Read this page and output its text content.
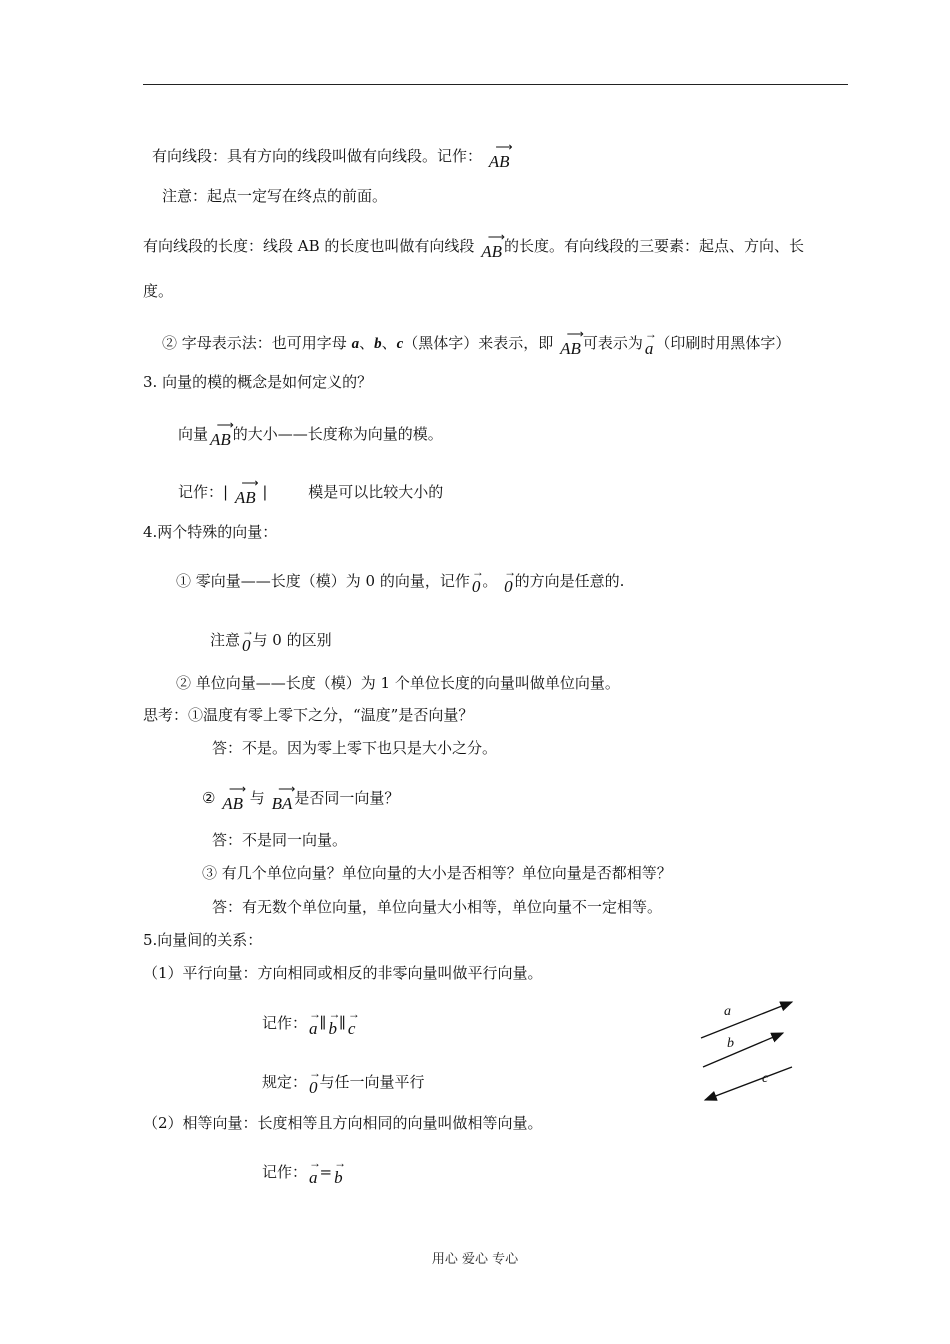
有向线段：具有方向的线段叫做有向线段。记作：	⟶
AB
注意：起点一定写在终点的前面。
有向线段的长度：线段 AB 的长度也叫做有向线段	⟶
AB 的长度。有向线段的三要素：起点、方向、长
度。
② 字母表示法：也可用字母 a、b、c（黑体字）来表示，即	⟶
AB 可表示为 →
a （印刷时用黑体字）
3. 向量的模的概念是如何定义的？
向量 ⟶
AB 的大小——长度称为向量的模。
记作：|	⟶
AB |	模是可以比较大小的
4.两个特殊的向量：
① 零向量——长度（模）为 0 的向量，记作 →
0 。 →
0 的方向是任意的.
注意 →
0 与 0 的区别
② 单位向量——长度（模）为 1 个单位长度的向量叫做单位向量。
思考：①温度有零上零下之分，“温度”是否向量？
答：不是。因为零上零下也只是大小之分。
②	⟶
AB 与	⟶
BA 是否同一向量？
答：不是同一向量。
③ 有几个单位向量？单位向量的大小是否相等？单位向量是否都相等？
答：有无数个单位向量，单位向量大小相等，单位向量不一定相等。
5.向量间的关系：
（1）平行向量：方向相同或相反的非零向量叫做平行向量。
记作： →
a ∥ →
b ∥ →
c
规定： →
0 与任一向量平行
（2）相等向量：长度相等且方向相同的向量叫做相等向量。
记作： →
a = →
b
a
b
c
用心 爱心 专心
